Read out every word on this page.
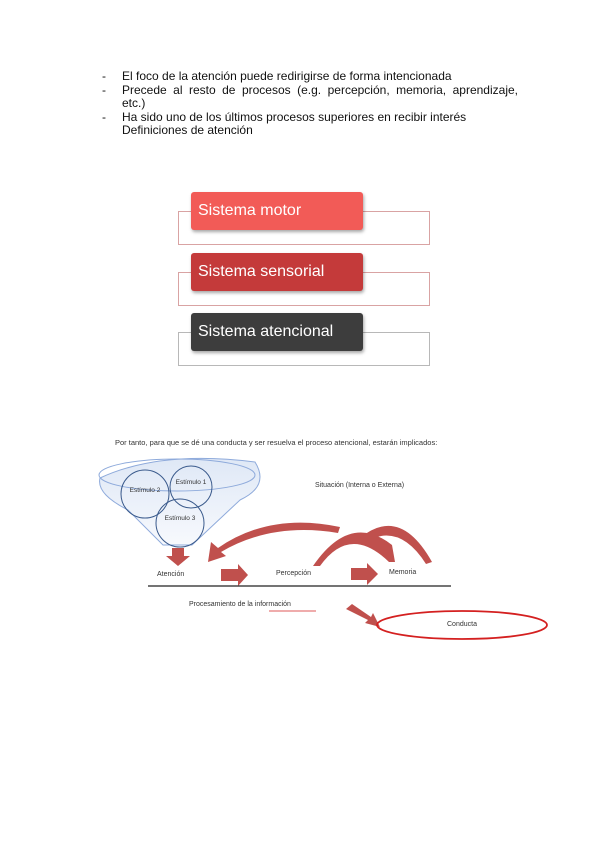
- El foco de la atención puede redirigirse de forma intencionada
- Precede al resto de procesos (e.g. percepción, memoria, aprendizaje, etc.)
- Ha sido uno de los últimos procesos superiores en recibir interés
Definiciones de atención
Sistema motor
Sistema sensorial
Sistema atencional
Por tanto, para que se dé una conducta y ser resuelva el proceso atencional, estarán implicados:
Estímulo 2
Estímulo 1
Estímulo 3
Situación (Interna o Externa)
Atención	Percepción	Memoria
Procesamiento de la información
Conducta
